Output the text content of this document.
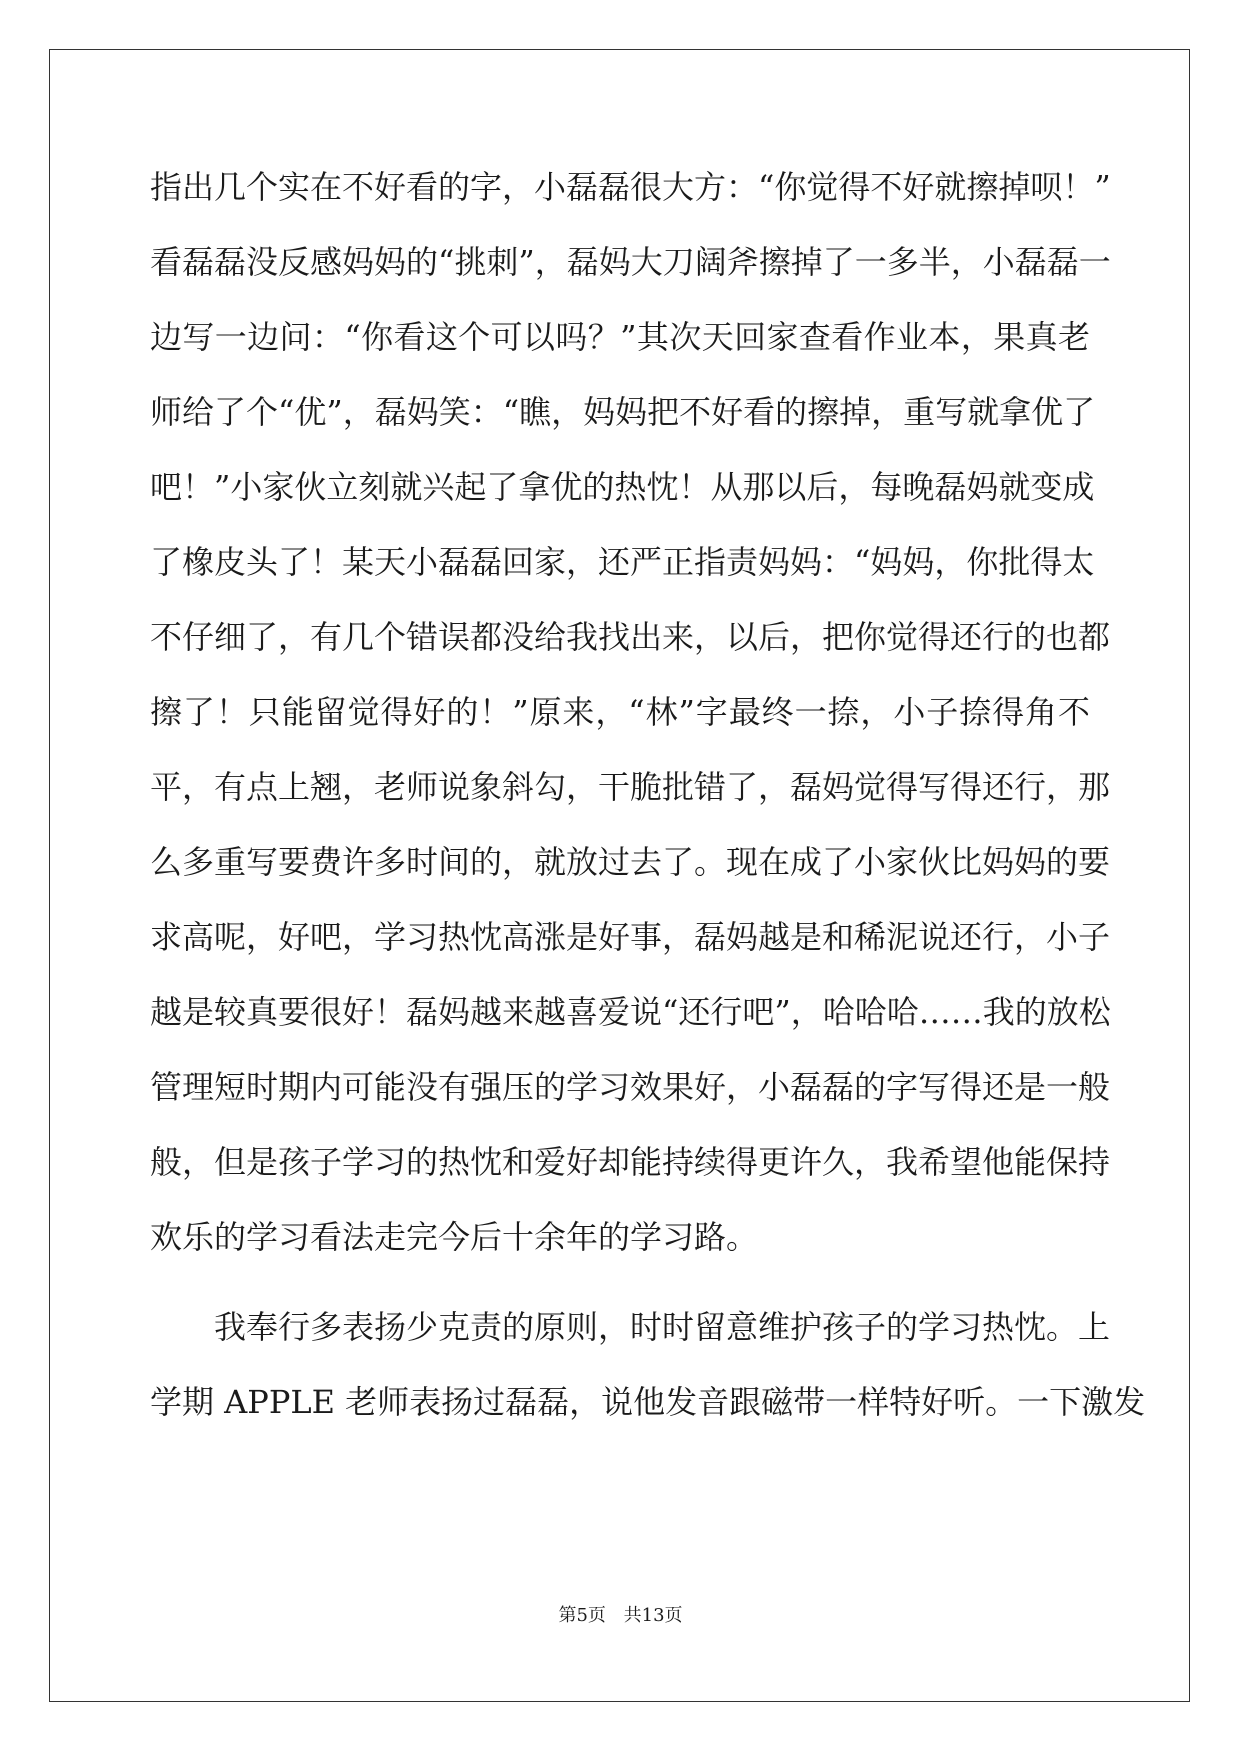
指出几个实在不好看的字，小磊磊很大方：“你觉得不好就擦掉呗！”
看磊磊没反感妈妈的“挑刺”，磊妈大刀阔斧擦掉了一多半，小磊磊一
边写一边问：“你看这个可以吗？”其次天回家查看作业本，果真老
师给了个“优”，磊妈笑：“瞧，妈妈把不好看的擦掉，重写就拿优了
吧！”小家伙立刻就兴起了拿优的热忱！从那以后，每晚磊妈就变成
了橡皮头了！某天小磊磊回家，还严正指责妈妈：“妈妈，你批得太
不仔细了，有几个错误都没给我找出来，以后，把你觉得还行的也都
擦了！只能留觉得好的！”原来，“林”字最终一捺，小子捺得角不
平，有点上翘，老师说象斜勾，干脆批错了，磊妈觉得写得还行，那
么多重写要费许多时间的，就放过去了。现在成了小家伙比妈妈的要
求高呢，好吧，学习热忱高涨是好事，磊妈越是和稀泥说还行，小子
越是较真要很好！磊妈越来越喜爱说“还行吧”，哈哈哈……我的放松
管理短时期内可能没有强压的学习效果好，小磊磊的字写得还是一般
般，但是孩子学习的热忱和爱好却能持续得更许久，我希望他能保持
欢乐的学习看法走完今后十余年的学习路。
我奉行多表扬少克责的原则，时时留意维护孩子的学习热忱。上
学期 APPLE 老师表扬过磊磊，说他发音跟磁带一样特好听。一下激发
第5页 共13页
